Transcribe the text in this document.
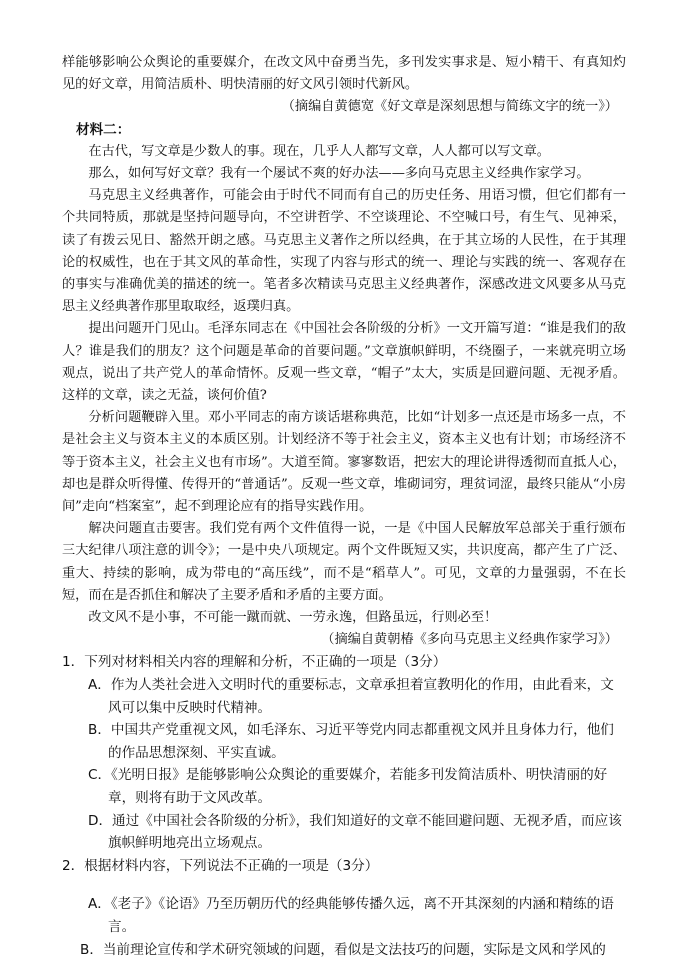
样能够影响公众舆论的重要媒介，在改文风中奋勇当先，多刊发实事求是、短小精干、有真知灼见的好文章，用简洁质朴、明快清丽的好文风引领时代新风。

（摘编自黄德宽《好文章是深刻思想与简练文字的统一》）

材料二：

在古代，写文章是少数人的事。现在，几乎人人都写文章，人人都可以写文章。

那么，如何写好文章？我有一个屡试不爽的好办法——多向马克思主义经典作家学习。

马克思主义经典著作，可能会由于时代不同而有自己的历史任务、用语习惯，但它们都有一个共同特质，那就是坚持问题导向，不空讲哲学、不空谈理论、不空喊口号，有生气、见神采，读了有拨云见日、豁然开朗之感。马克思主义著作之所以经典，在于其立场的人民性，在于其理论的权威性，也在于其文风的革命性，实现了内容与形式的统一、理论与实践的统一、客观存在的事实与准确优美的描述的统一。笔者多次精读马克思主义经典著作，深感改进文风要多从马克思主义经典著作那里取取经，返璞归真。

提出问题开门见山。毛泽东同志在《中国社会各阶级的分析》一文开篇写道：“谁是我们的敌人？谁是我们的朋友？这个问题是革命的首要问题。”文章旗帜鲜明，不绕圈子，一来就亮明立场观点，说出了共产党人的革命情怀。反观一些文章，“帽子”太大，实质是回避问题、无视矛盾。这样的文章，读之无益，谈何价值?

分析问题鞭辟入里。邓小平同志的南方谈话堪称典范，比如“计划多一点还是市场多一点，不是社会主义与资本主义的本质区别。计划经济不等于社会主义，资本主义也有计划；市场经济不等于资本主义，社会主义也有市场”。大道至简。寥寥数语，把宏大的理论讲得透彻而直抵人心，却也是群众听得懂、传得开的“普通话”。反观一些文章，堆砌词穷，理贫词涩，最终只能从“小房间”走向“档案室”，起不到理论应有的指导实践作用。

解决问题直击要害。我们党有两个文件值得一说，一是《中国人民解放军总部关于重行颁布三大纪律八项注意的训令》；一是中央八项规定。两个文件既短又实，共识度高，都产生了广泛、重大、持续的影响，成为带电的“高压线”，而不是“稻草人”。可见，文章的力量强弱，不在长短，而在是否抓住和解决了主要矛盾和矛盾的主要方面。

改文风不是小事，不可能一蹴而就、一劳永逸，但路虽远，行则必至！

（摘编自黄朝椿《多向马克思主义经典作家学习》）

1．下列对材料相关内容的理解和分析，不正确的一项是（3分）

A．作为人类社会进入文明时代的重要标志，文章承担着宣教明化的作用，由此看来，文风可以集中反映时代精神。

B．中国共产党重视文风，如毛泽东、习近平等党内同志都重视文风并且身体力行，他们的作品思想深刻、平实直诚。

C．《光明日报》是能够影响公众舆论的重要媒介，若能多刊发简洁质朴、明快清丽的好章，则将有助于文风改革。

D．通过《中国社会各阶级的分析》，我们知道好的文章不能回避问题、无视矛盾，而应该旗帜鲜明地亮出立场观点。

2．根据材料内容，下列说法不正确的一项是（3分）

A．《老子》《论语》乃至历朝历代的经典能够传播久远，离不开其深刻的内涵和精练的语言。

B．当前理论宣传和学术研究领域的问题，看似是文法技巧的问题，实际是文风和学风的
